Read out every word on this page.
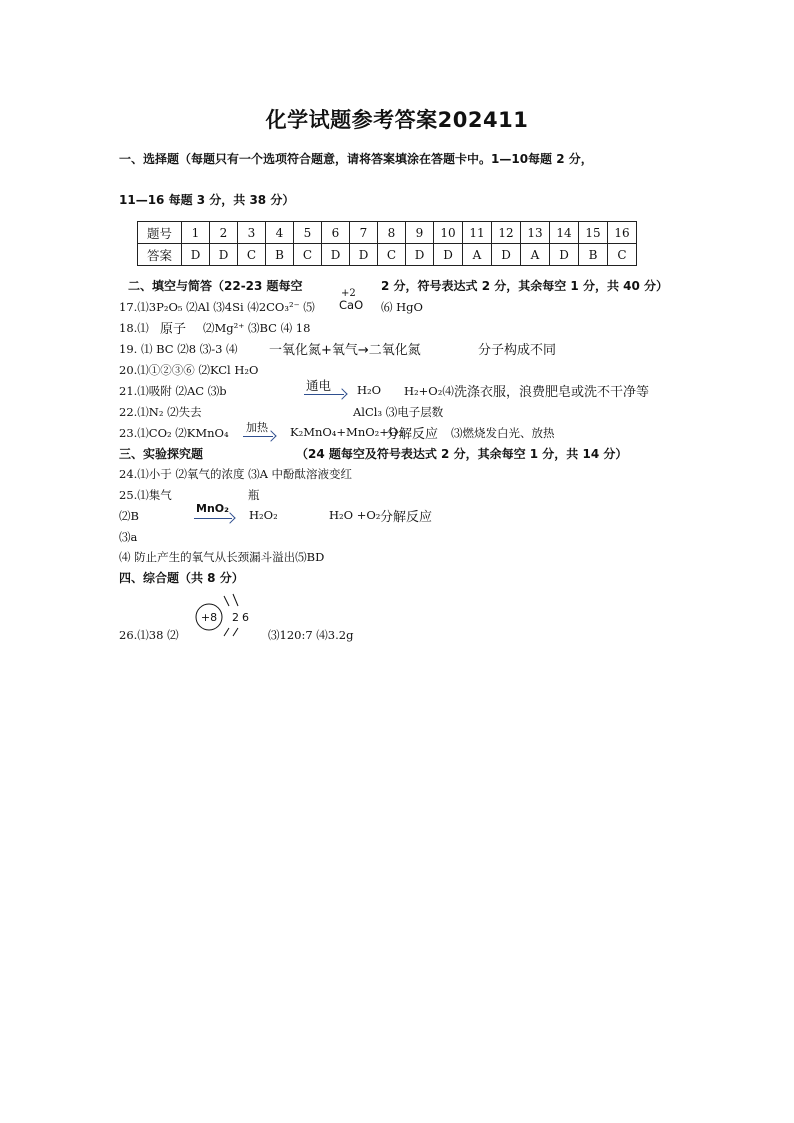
化学试题参考答案202411
一、选择题（每题只有一个选项符合题意，请将答案填涂在答题卡中。1—10每题 2 分，
11—16 每题 3 分，共 38 分）
题号	1	2	3	4	5	6	7	8	9	10	11	12	13	14	15	16
答案	D	D	C	B	C	D	D	C	D	D	A	D	A	D	B	C
二、填空与简答（22-23 题每空	2 分，符号表达式 2 分，其余每空 1 分，共 40 分）
17.⑴3P₂O₅ ⑵Al ⑶4Si ⑷2CO₃²⁻ ⑸
+2
CaO ⑹ HgO
18.⑴ 原子 ⑵Mg²⁺ ⑶BC ⑷ 18
19. ⑴ BC ⑵8 ⑶-3 ⑷ 一氧化氮+氧气→二氧化氮	分子构成不同
20.⑴①②③⑥ ⑵KCl H₂O
21.⑴吸附 ⑵AC ⑶b	通电 H₂O H₂+O₂⑷ 洗涤衣服，浪费肥皂或洗不干净等
22.⑴N₂ ⑵失去	AlCl₃ ⑶电子层数
23.⑴CO₂ ⑵KMnO₄ 加热 K₂MnO₄+MnO₂+O₂
分解反应 ⑶燃烧发白光、放热
三、实验探究题	（24 题每空及符号表达式 2 分，其余每空 1 分，共 14 分）
24.⑴小于 ⑵氧气的浓度 ⑶A 中酚酞溶液变红
25.⑴集气	瓶
⑵B
MnO₂ H₂O₂	H₂O +O₂ 分解反应
⑶a
⑷ 防止产生的氧气从长颈漏斗溢出⑸BD
四、综合题（共 8 分）
26.⑴38 ⑵
+8 26
⑶120:7 ⑷3.2g
